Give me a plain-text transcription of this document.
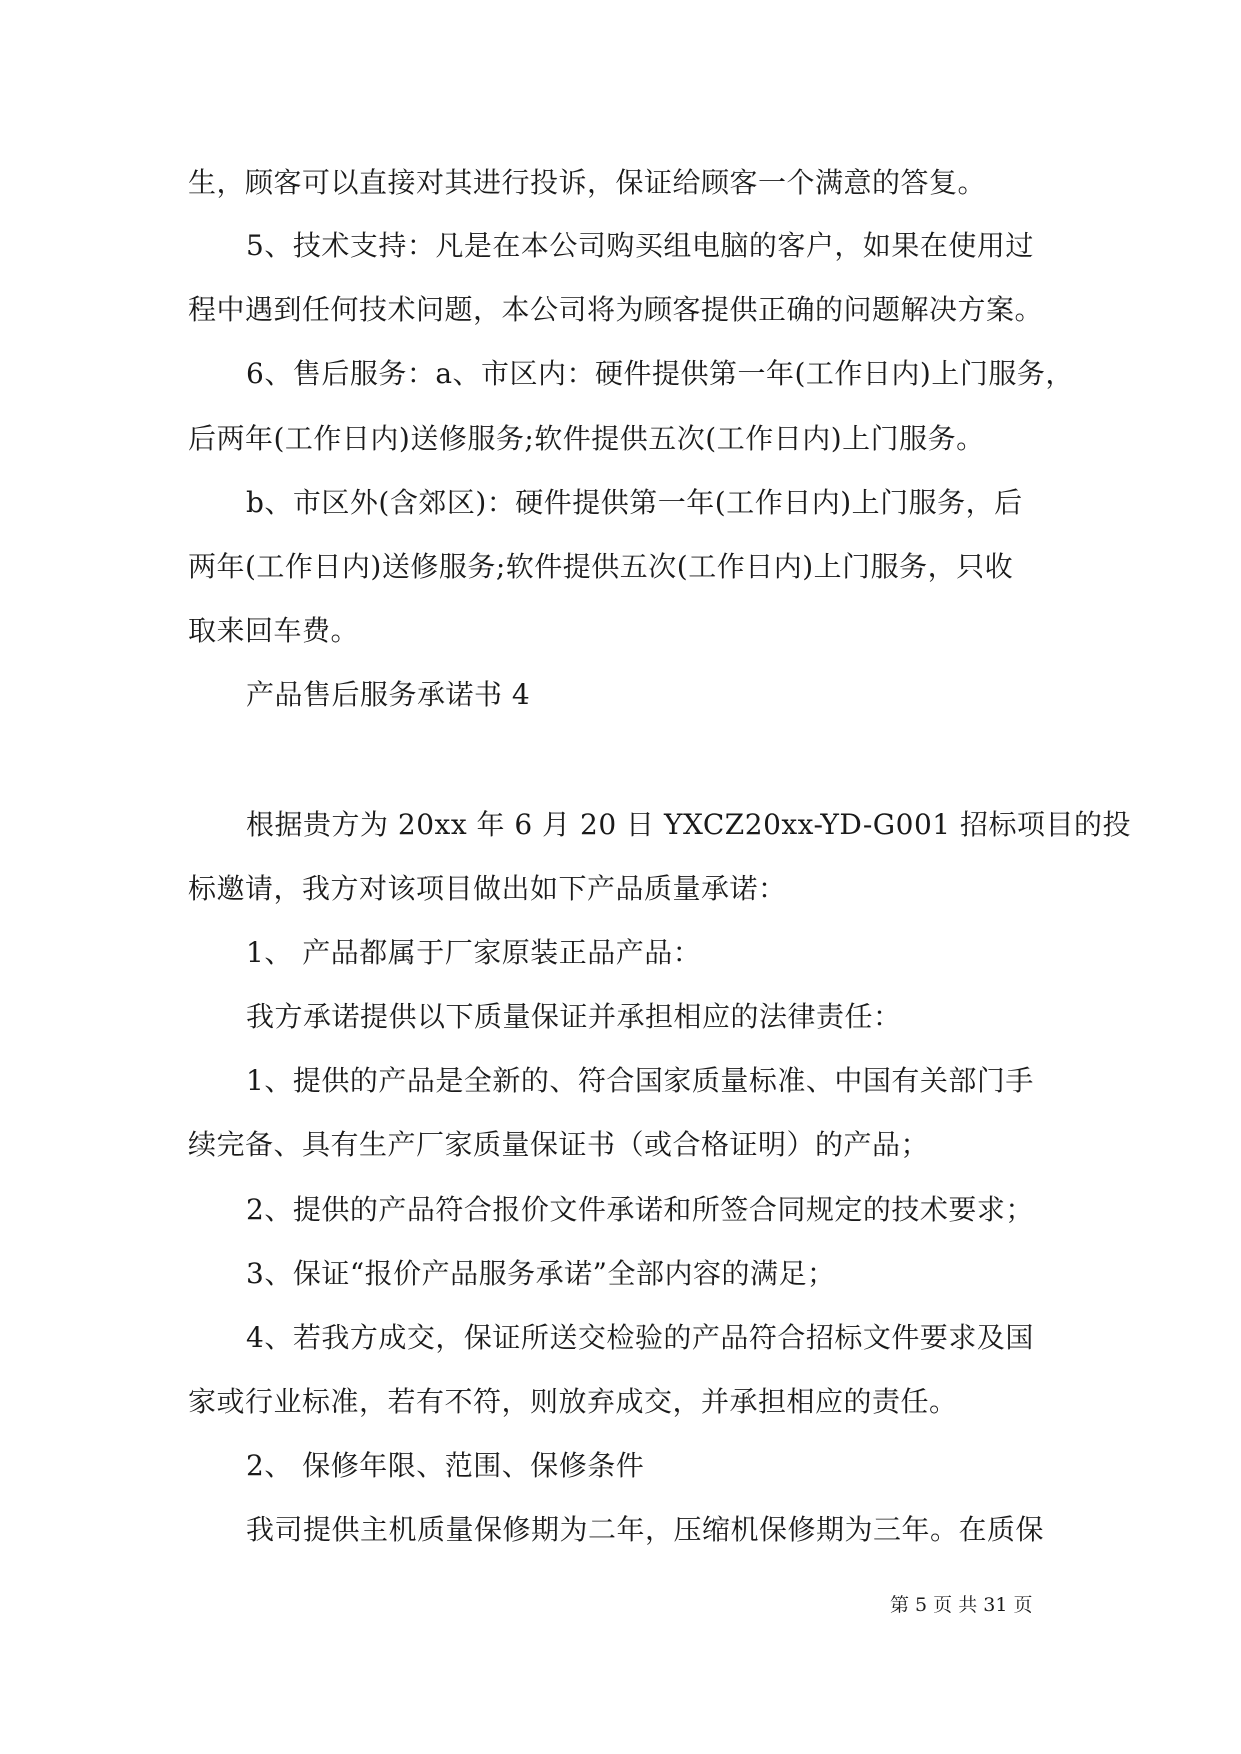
生，顾客可以直接对其进行投诉，保证给顾客一个满意的答复。
5、技术支持：凡是在本公司购买组电脑的客户，如果在使用过
程中遇到任何技术问题，本公司将为顾客提供正确的问题解决方案。
6、售后服务：a、市区内：硬件提供第一年(工作日内)上门服务，
后两年(工作日内)送修服务;软件提供五次(工作日内)上门服务。
b、市区外(含郊区)：硬件提供第一年(工作日内)上门服务，后
两年(工作日内)送修服务;软件提供五次(工作日内)上门服务，只收
取来回车费。
产品售后服务承诺书 4
根据贵方为 20xx 年 6 月 20 日 YXCZ20xx-YD-G001 招标项目的投
标邀请，我方对该项目做出如下产品质量承诺：
1、 产品都属于厂家原装正品产品：
我方承诺提供以下质量保证并承担相应的法律责任：
1、提供的产品是全新的、符合国家质量标准、中国有关部门手
续完备、具有生产厂家质量保证书（或合格证明）的产品；
2、提供的产品符合报价文件承诺和所签合同规定的技术要求；
3、保证“报价产品服务承诺”全部内容的满足；
4、若我方成交，保证所送交检验的产品符合招标文件要求及国
家或行业标准，若有不符，则放弃成交，并承担相应的责任。
2、 保修年限、范围、保修条件
我司提供主机质量保修期为二年，压缩机保修期为三年。在质保
第 5 页 共 31 页
